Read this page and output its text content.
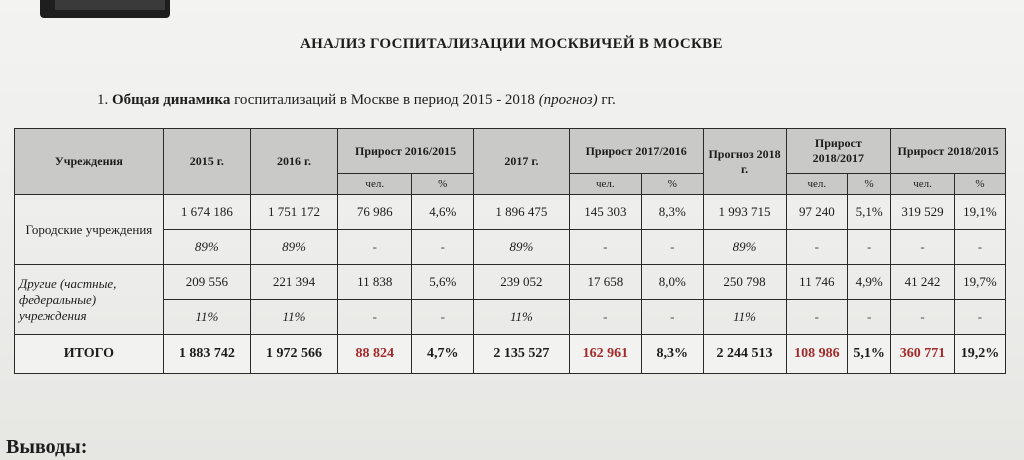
АНАЛИЗ ГОСПИТАЛИЗАЦИИ МОСКВИЧЕЙ В МОСКВЕ
1. Общая динамика госпитализаций в Москве в период 2015 - 2018 (прогноз) гг.
Учреждения	2015 г.	2016 г.	Прирост 2016/2015		2017 г.	Прирост 2017/2016		Прогноз 2018 г.	Прирост 2018/2017		Прирост 2018/2015	
			чел.	%		чел.	%		чел.	%	чел.	%
Городские учреждения	1 674 186	1 751 172	76 986	4,6%	1 896 475	145 303	8,3%	1 993 715	97 240	5,1%	319 529	19,1%
	89%	89%	-	-	89%	-	-	89%	-	-	-	-
Другие (частные, федеральные) учреждения	209 556	221 394	11 838	5,6%	239 052	17 658	8,0%	250 798	11 746	4,9%	41 242	19,7%
	11%	11%	-	-	11%	-	-	11%	-	-	-	-
ИТОГО	1 883 742	1 972 566	88 824	4,7%	2 135 527	162 961	8,3%	2 244 513	108 986	5,1%	360 771	19,2%
Выводы:
